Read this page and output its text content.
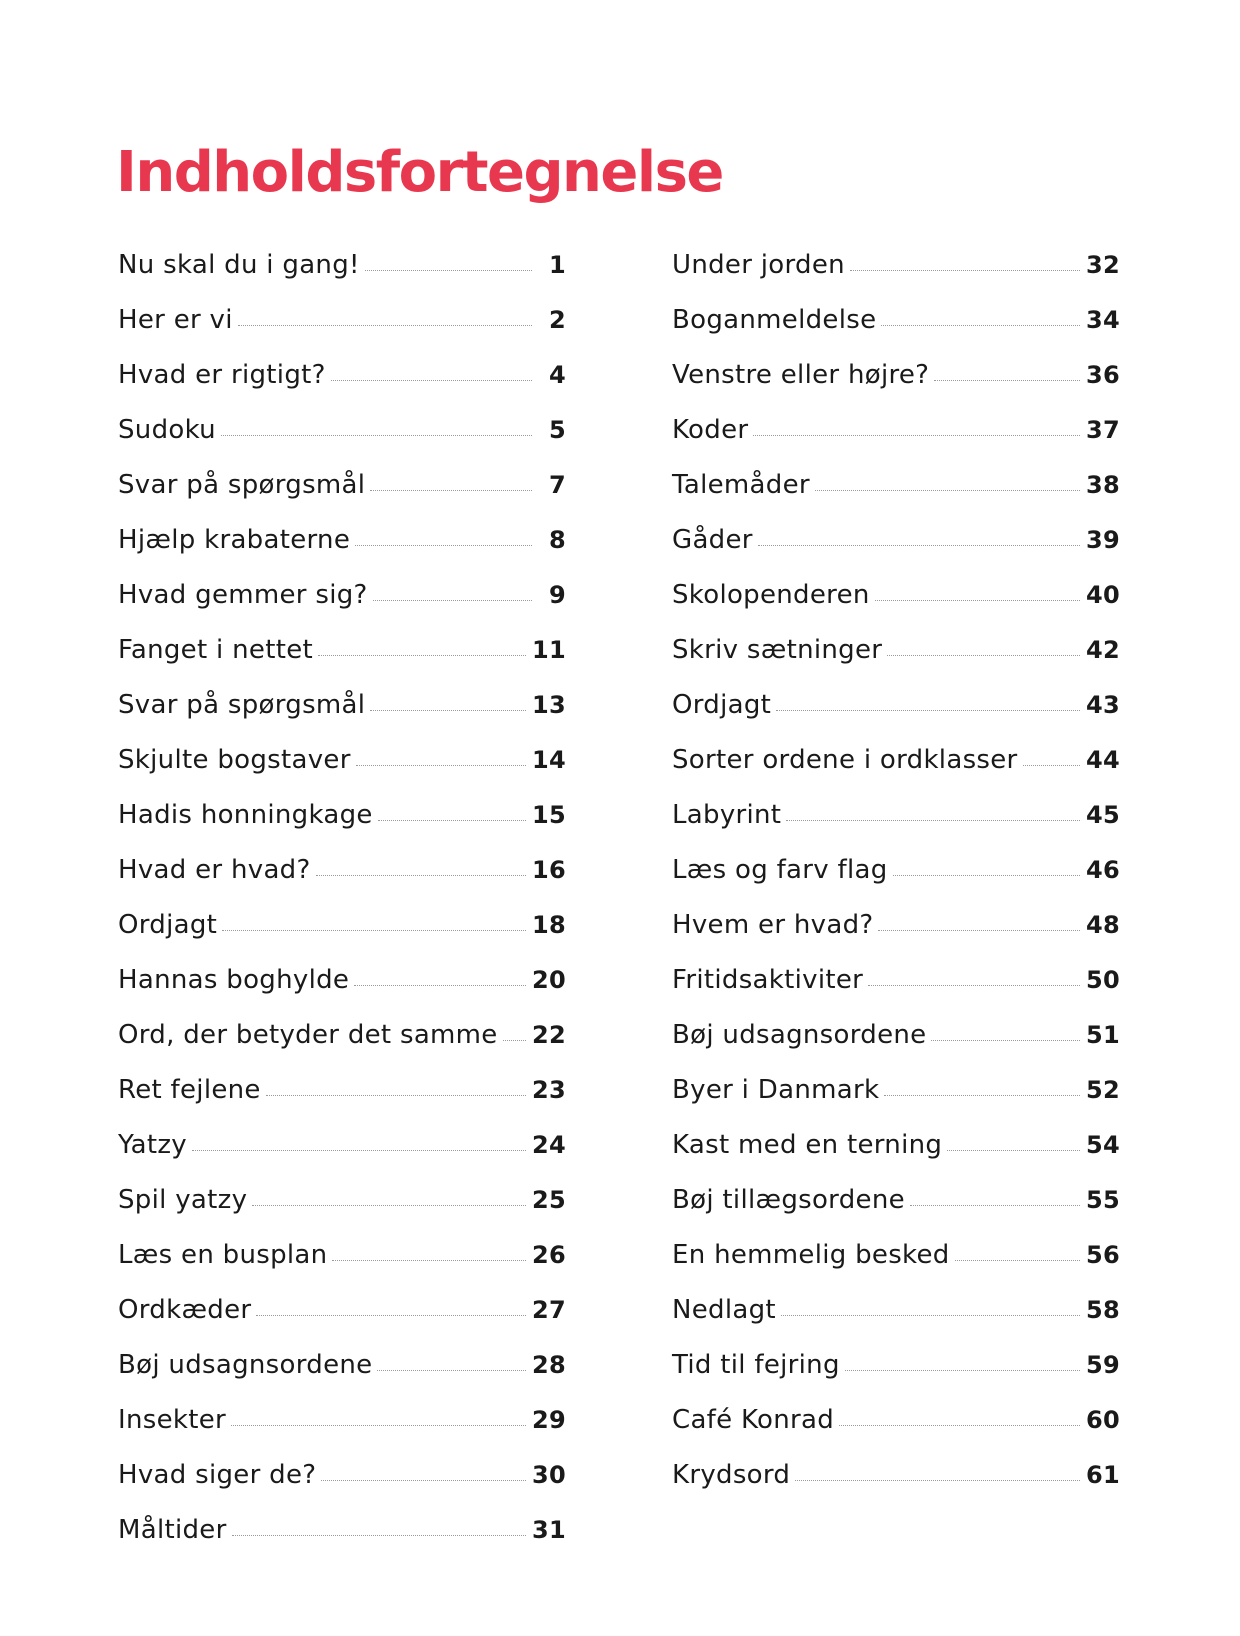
Indholdsfortegnelse
Nu skal du i gang!	1
Her er vi	2
Hvad er rigtigt?	4
Sudoku	5
Svar på spørgsmål	7
Hjælp krabaterne	8
Hvad gemmer sig?	9
Fanget i nettet	11
Svar på spørgsmål	13
Skjulte bogstaver	14
Hadis honningkage	15
Hvad er hvad?	16
Ordjagt	18
Hannas boghylde	20
Ord, der betyder det samme 22
Ret fejlene	23
Yatzy	24
Spil yatzy	25
Læs en busplan	26
Ordkæder	27
Bøj udsagnsordene	28
Insekter	29
Hvad siger de?	30
Måltider	31
Under jorden	32
Boganmeldelse	34
Venstre eller højre?	36
Koder	37
Talemåder	38
Gåder	39
Skolopenderen	40
Skriv sætninger	42
Ordjagt	43
Sorter ordene i ordklasser	44
Labyrint	45
Læs og farv flag	46
Hvem er hvad?	48
Fritidsaktiviter	50
Bøj udsagnsordene	51
Byer i Danmark	52
Kast med en terning	54
Bøj tillægsordene	55
En hemmelig besked	56
Nedlagt	58
Tid til fejring	59
Café Konrad	60
Krydsord	61
